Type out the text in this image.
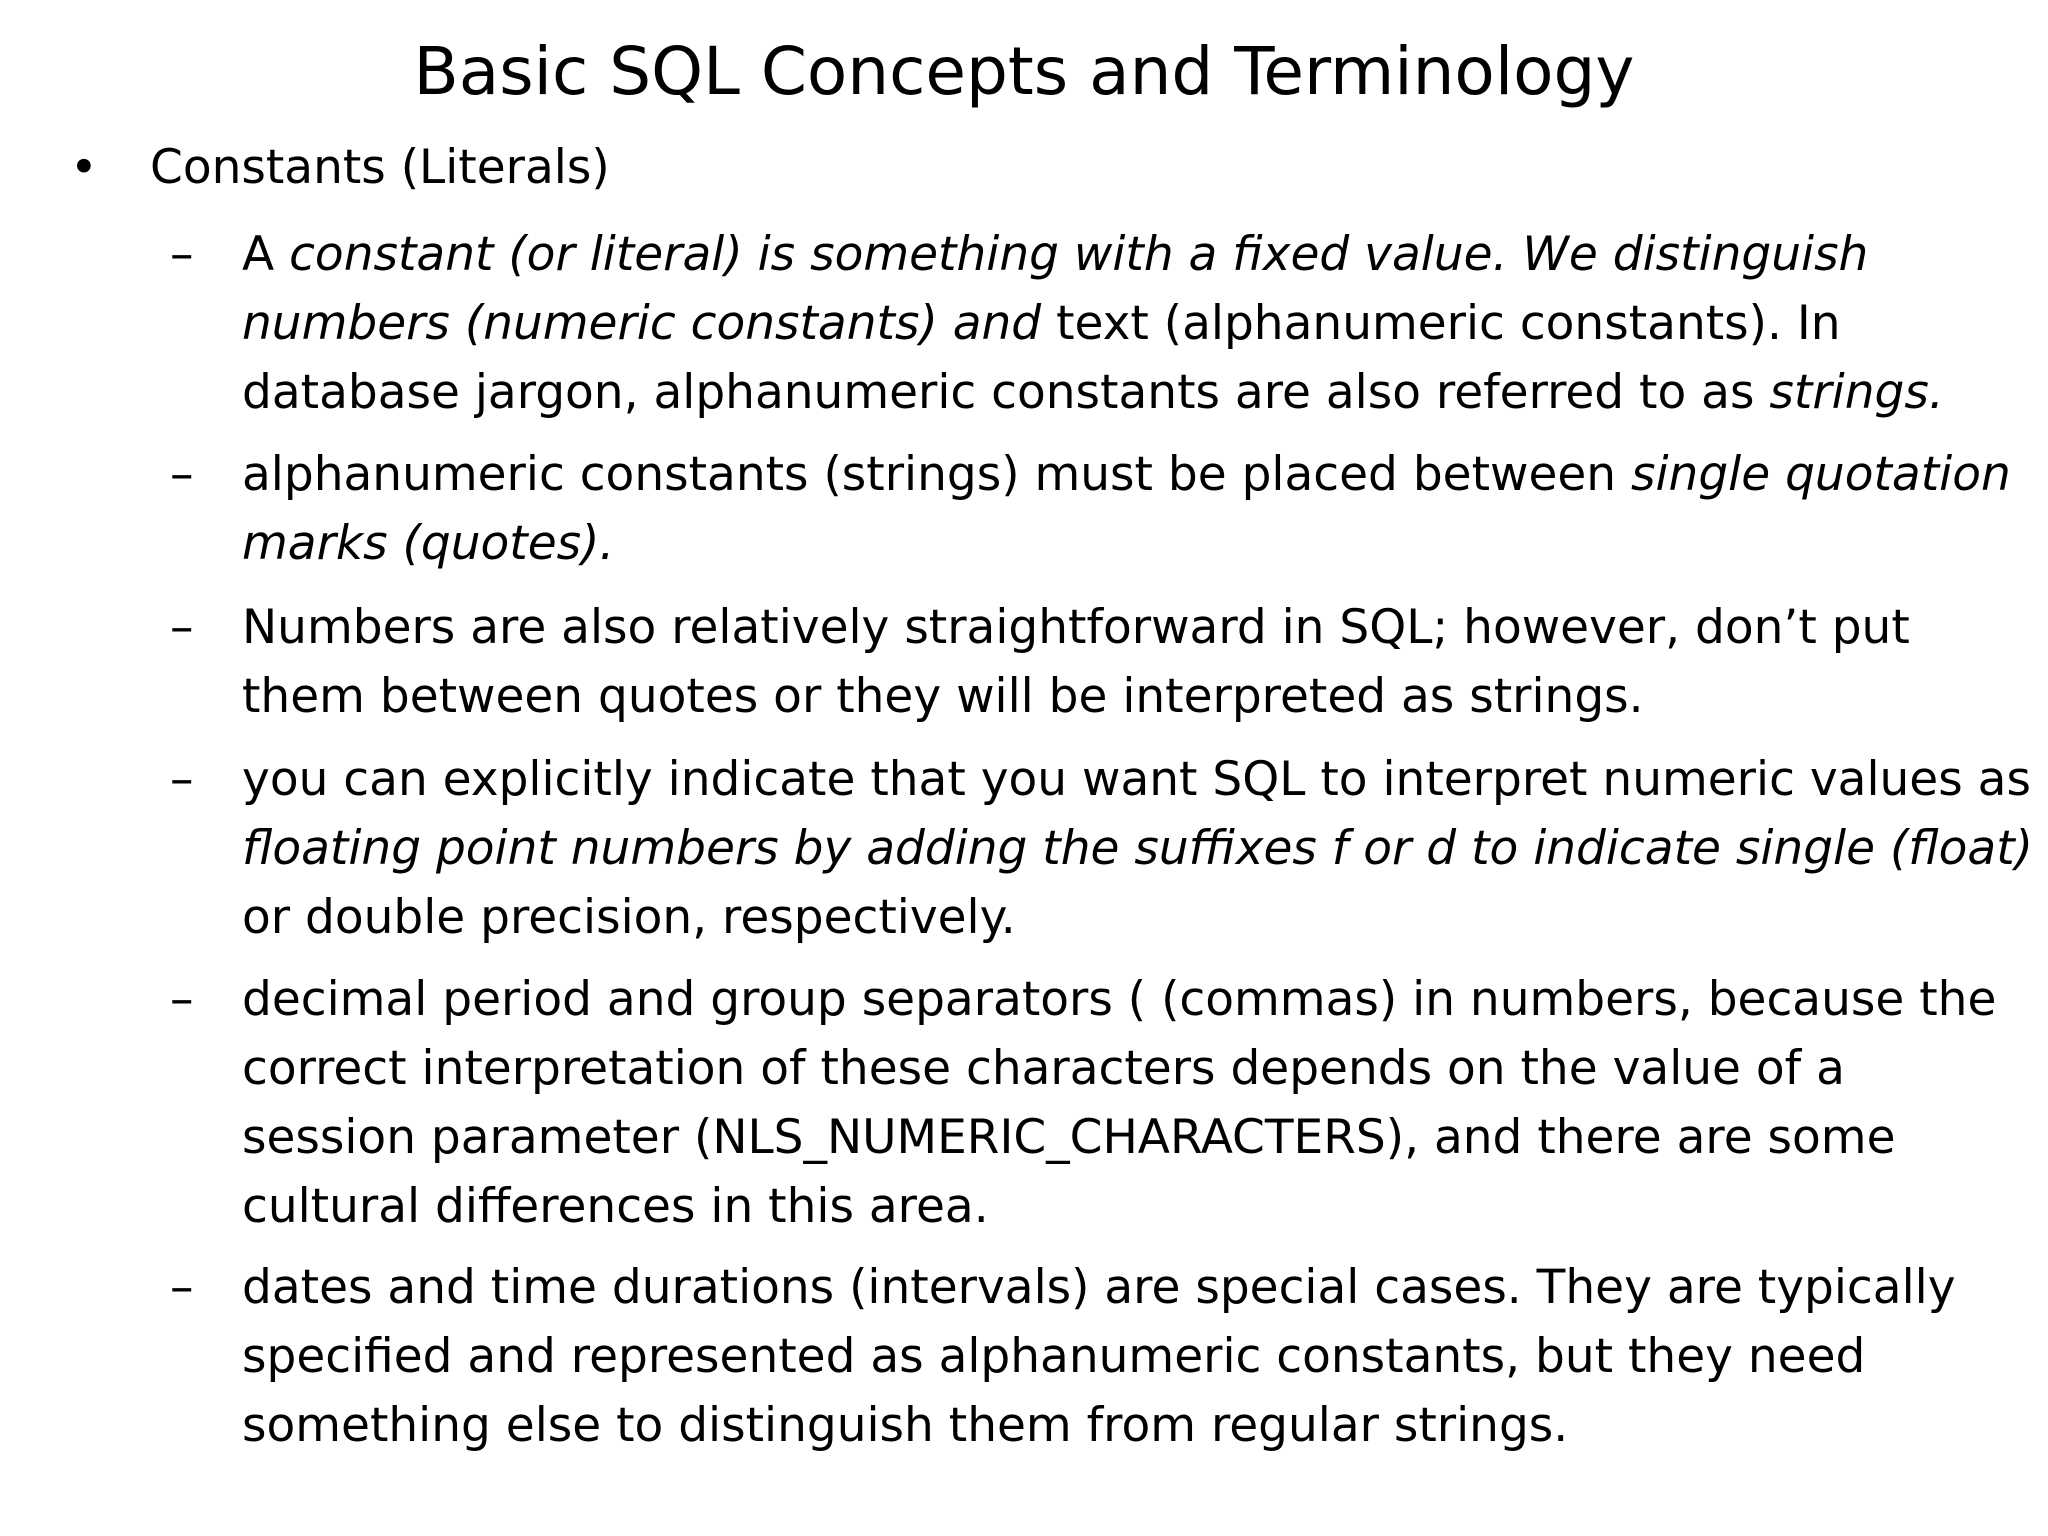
Basic SQL Concepts and Terminology
• Constants (Literals)
–	A constant (or literal) is something with a fixed value. We distinguish
numbers (numeric constants) and text (alphanumeric constants). In
database jargon, alphanumeric constants are also referred to as strings.
–	alphanumeric constants (strings) must be placed between single quotation
marks (quotes).
–	Numbers are also relatively straightforward in SQL; however, don’t put
them between quotes or they will be interpreted as strings.
–	you can explicitly indicate that you want SQL to interpret numeric values as
floating point numbers by adding the suffixes f or d to indicate single (float)
or double precision, respectively.
–	decimal period and group separators ( (commas) in numbers, because the
correct interpretation of these characters depends on the value of a
session parameter (NLS_NUMERIC_CHARACTERS), and there are some
cultural differences in this area.
–	dates and time durations (intervals) are special cases. They are typically
specified and represented as alphanumeric constants, but they need
something else to distinguish them from regular strings.
